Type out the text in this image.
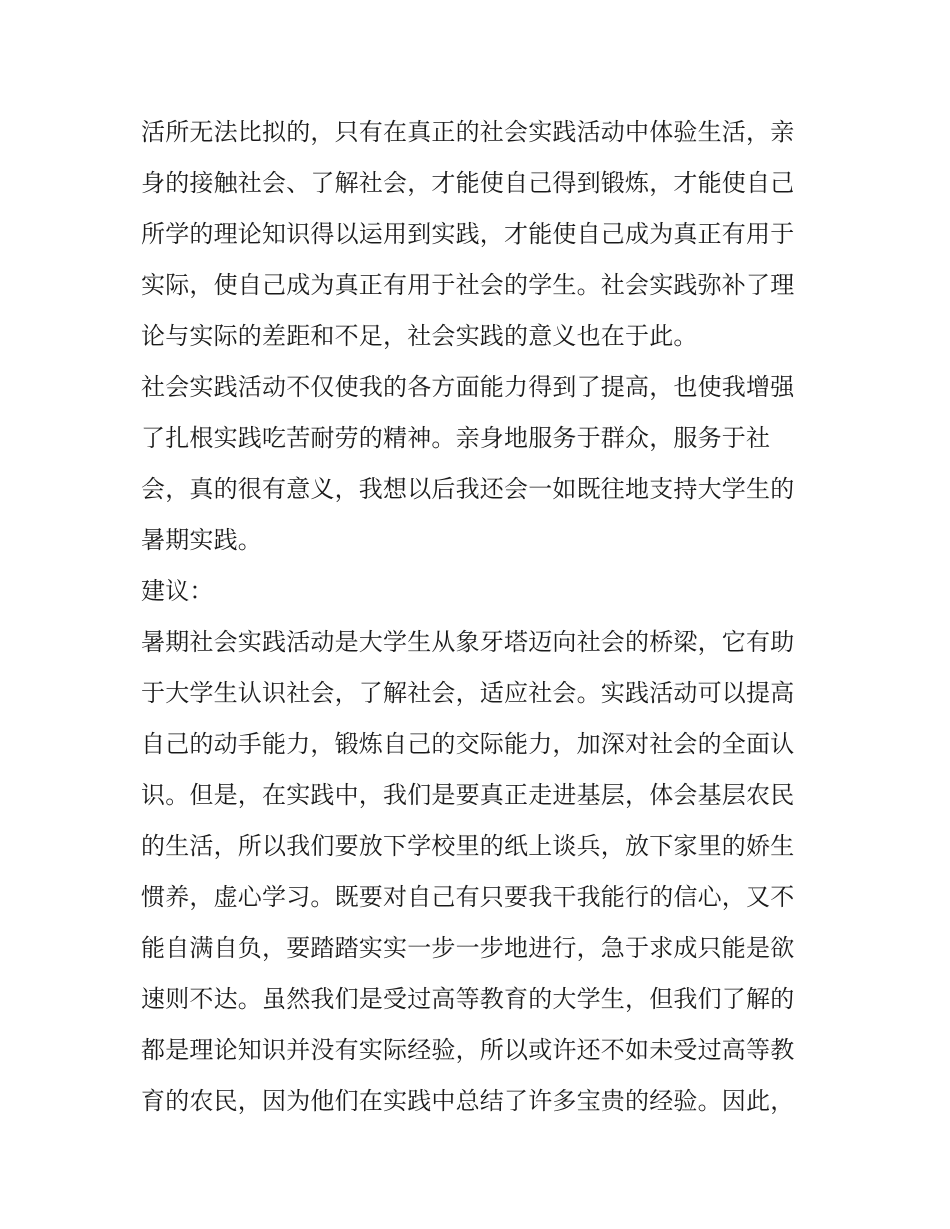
活所无法比拟的，只有在真正的社会实践活动中体验生活，亲
身的接触社会、了解社会，才能使自己得到锻炼，才能使自己
所学的理论知识得以运用到实践，才能使自己成为真正有用于
实际，使自己成为真正有用于社会的学生。社会实践弥补了理
论与实际的差距和不足，社会实践的意义也在于此。
社会实践活动不仅使我的各方面能力得到了提高，也使我增强
了扎根实践吃苦耐劳的精神。亲身地服务于群众，服务于社
会，真的很有意义，我想以后我还会一如既往地支持大学生的
暑期实践。
建议：
暑期社会实践活动是大学生从象牙塔迈向社会的桥梁，它有助
于大学生认识社会，了解社会，适应社会。实践活动可以提高
自己的动手能力，锻炼自己的交际能力，加深对社会的全面认
识。但是，在实践中，我们是要真正走进基层，体会基层农民
的生活，所以我们要放下学校里的纸上谈兵，放下家里的娇生
惯养，虚心学习。既要对自己有只要我干我能行的信心，又不
能自满自负，要踏踏实实一步一步地进行，急于求成只能是欲
速则不达。虽然我们是受过高等教育的大学生，但我们了解的
都是理论知识并没有实际经验，所以或许还不如未受过高等教
育的农民，因为他们在实践中总结了许多宝贵的经验。因此，
